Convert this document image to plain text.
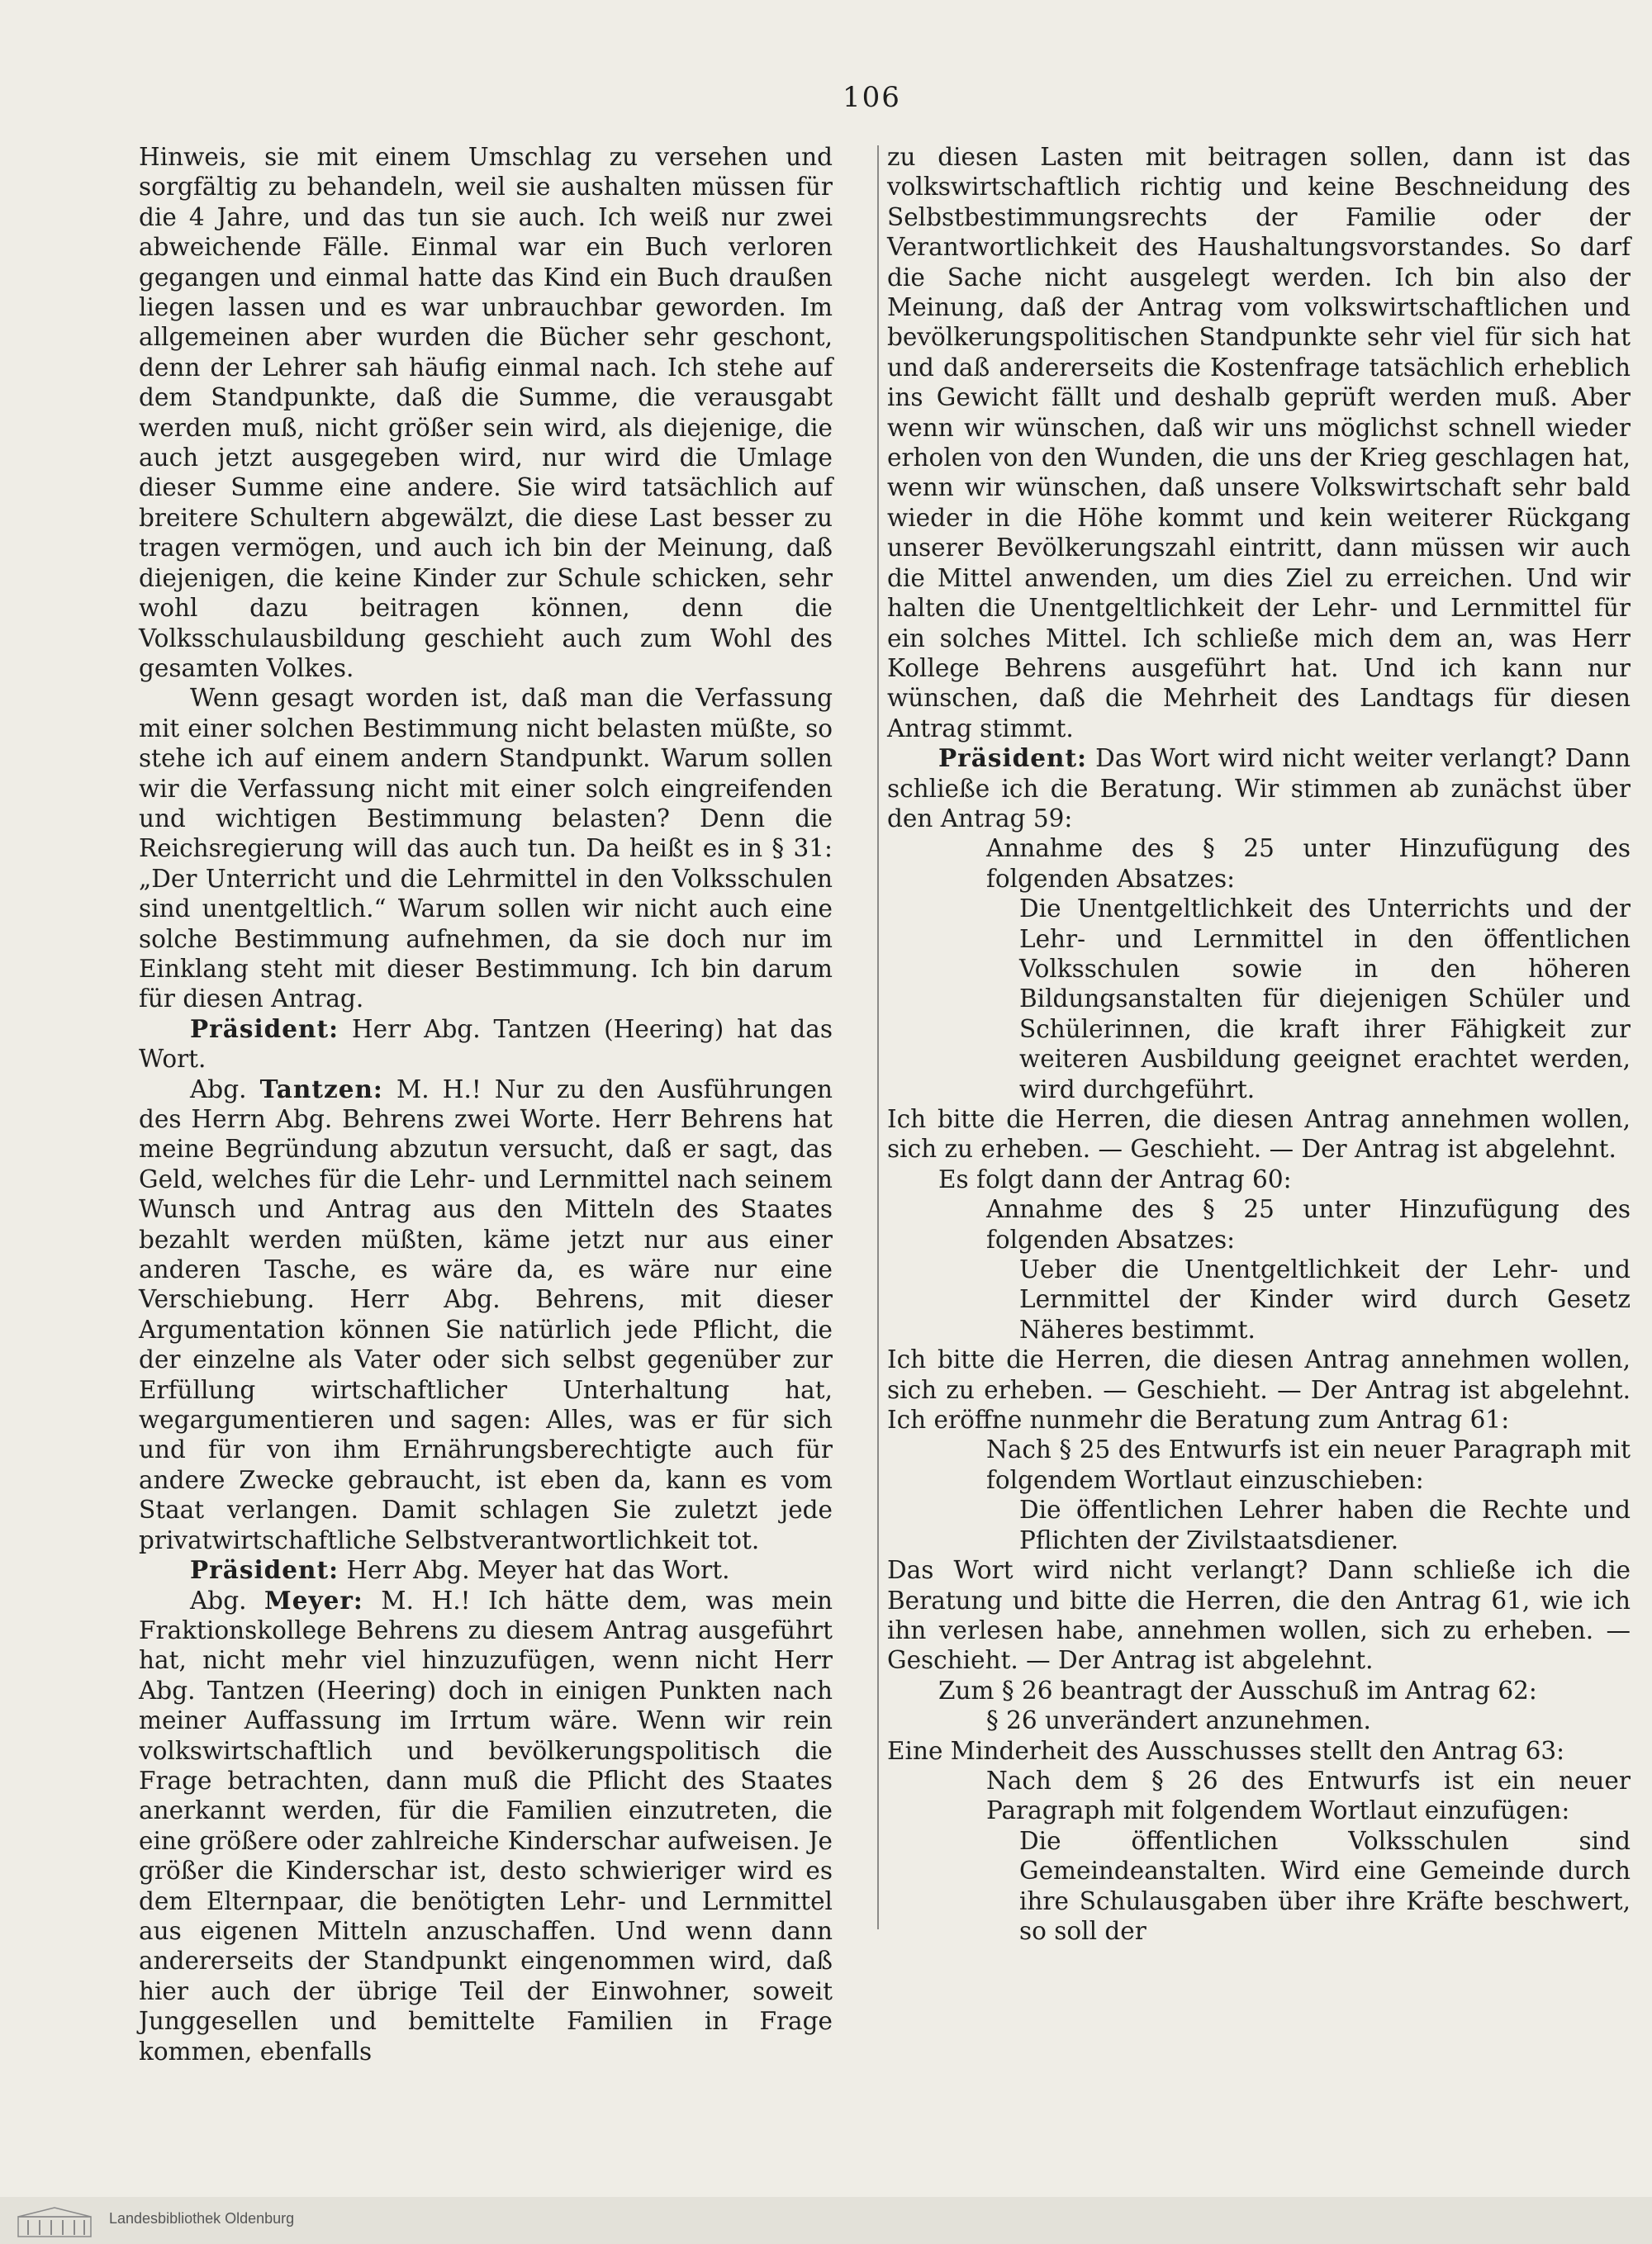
106

Hinweis, sie mit einem Umschlag zu versehen und sorgfältig zu behandeln, weil sie aushalten müssen für die 4 Jahre, und das tun sie auch. Ich weiß nur zwei abweichende Fälle. Einmal war ein Buch verloren gegangen und einmal hatte das Kind ein Buch draußen liegen lassen und es war unbrauchbar geworden. Im allgemeinen aber wurden die Bücher sehr geschont, denn der Lehrer sah häufig einmal nach. Ich stehe auf dem Standpunkte, daß die Summe, die verausgabt werden muß, nicht größer sein wird, als diejenige, die auch jetzt ausgegeben wird, nur wird die Umlage dieser Summe eine andere. Sie wird tatsächlich auf breitere Schultern abgewälzt, die diese Last besser zu tragen vermögen, und auch ich bin der Meinung, daß diejenigen, die keine Kinder zur Schule schicken, sehr wohl dazu beitragen können, denn die Volksschulausbildung geschieht auch zum Wohl des gesamten Volkes.

Wenn gesagt worden ist, daß man die Verfassung mit einer solchen Bestimmung nicht belasten müßte, so stehe ich auf einem andern Standpunkt. Warum sollen wir die Verfassung nicht mit einer solch eingreifenden und wichtigen Bestimmung belasten? Denn die Reichsregierung will das auch tun. Da heißt es in § 31: „Der Unterricht und die Lehrmittel in den Volksschulen sind unentgeltlich.“ Warum sollen wir nicht auch eine solche Bestimmung aufnehmen, da sie doch nur im Einklang steht mit dieser Bestimmung. Ich bin darum für diesen Antrag.

Präsident: Herr Abg. Tantzen (Heering) hat das Wort.

Abg. Tantzen: M. H.! Nur zu den Ausführungen des Herrn Abg. Behrens zwei Worte. Herr Behrens hat meine Begründung abzutun versucht, daß er sagt, das Geld, welches für die Lehr- und Lernmittel nach seinem Wunsch und Antrag aus den Mitteln des Staates bezahlt werden müßten, käme jetzt nur aus einer anderen Tasche, es wäre da, es wäre nur eine Verschiebung. Herr Abg. Behrens, mit dieser Argumentation können Sie natürlich jede Pflicht, die der einzelne als Vater oder sich selbst gegenüber zur Erfüllung wirtschaftlicher Unterhaltung hat, wegargumentieren und sagen: Alles, was er für sich und für von ihm Ernährungsberechtigte auch für andere Zwecke gebraucht, ist eben da, kann es vom Staat verlangen. Damit schlagen Sie zuletzt jede privatwirtschaftliche Selbstverantwortlichkeit tot.

Präsident: Herr Abg. Meyer hat das Wort.

Abg. Meyer: M. H.! Ich hätte dem, was mein Fraktionskollege Behrens zu diesem Antrag ausgeführt hat, nicht mehr viel hinzuzufügen, wenn nicht Herr Abg. Tantzen (Heering) doch in einigen Punkten nach meiner Auffassung im Irrtum wäre. Wenn wir rein volkswirtschaftlich und bevölkerungspolitisch die Frage betrachten, dann muß die Pflicht des Staates anerkannt werden, für die Familien einzutreten, die eine größere oder zahlreiche Kinderschar aufweisen. Je größer die Kinderschar ist, desto schwieriger wird es dem Elternpaar, die benötigten Lehr- und Lernmittel aus eigenen Mitteln anzuschaffen. Und wenn dann andererseits der Standpunkt eingenommen wird, daß hier auch der übrige Teil der Einwohner, soweit Junggesellen und bemittelte Familien in Frage kommen, ebenfalls

zu diesen Lasten mit beitragen sollen, dann ist das volkswirtschaftlich richtig und keine Beschneidung des Selbstbestimmungsrechts der Familie oder der Verantwortlichkeit des Haushaltungsvorstandes. So darf die Sache nicht ausgelegt werden. Ich bin also der Meinung, daß der Antrag vom volkswirtschaftlichen und bevölkerungspolitischen Standpunkte sehr viel für sich hat und daß andererseits die Kostenfrage tatsächlich erheblich ins Gewicht fällt und deshalb geprüft werden muß. Aber wenn wir wünschen, daß wir uns möglichst schnell wieder erholen von den Wunden, die uns der Krieg geschlagen hat, wenn wir wünschen, daß unsere Volkswirtschaft sehr bald wieder in die Höhe kommt und kein weiterer Rückgang unserer Bevölkerungszahl eintritt, dann müssen wir auch die Mittel anwenden, um dies Ziel zu erreichen. Und wir halten die Unentgeltlichkeit der Lehr- und Lernmittel für ein solches Mittel. Ich schließe mich dem an, was Herr Kollege Behrens ausgeführt hat. Und ich kann nur wünschen, daß die Mehrheit des Landtags für diesen Antrag stimmt.

Präsident: Das Wort wird nicht weiter verlangt? Dann schließe ich die Beratung. Wir stimmen ab zunächst über den Antrag 59:

Annahme des § 25 unter Hinzufügung des folgenden Absatzes:

Die Unentgeltlichkeit des Unterrichts und der Lehr- und Lernmittel in den öffentlichen Volksschulen sowie in den höheren Bildungsanstalten für diejenigen Schüler und Schülerinnen, die kraft ihrer Fähigkeit zur weiteren Ausbildung geeignet erachtet werden, wird durchgeführt.

Ich bitte die Herren, die diesen Antrag annehmen wollen, sich zu erheben. — Geschieht. — Der Antrag ist abgelehnt.

Es folgt dann der Antrag 60:

Annahme des § 25 unter Hinzufügung des folgenden Absatzes:

Ueber die Unentgeltlichkeit der Lehr- und Lernmittel der Kinder wird durch Gesetz Näheres bestimmt.

Ich bitte die Herren, die diesen Antrag annehmen wollen, sich zu erheben. — Geschieht. — Der Antrag ist abgelehnt. Ich eröffne nunmehr die Beratung zum Antrag 61:

Nach § 25 des Entwurfs ist ein neuer Paragraph mit folgendem Wortlaut einzuschieben:

Die öffentlichen Lehrer haben die Rechte und Pflichten der Zivilstaatsdiener.

Das Wort wird nicht verlangt? Dann schließe ich die Beratung und bitte die Herren, die den Antrag 61, wie ich ihn verlesen habe, annehmen wollen, sich zu erheben. — Geschieht. — Der Antrag ist abgelehnt.

Zum § 26 beantragt der Ausschuß im Antrag 62:

§ 26 unverändert anzunehmen.

Eine Minderheit des Ausschusses stellt den Antrag 63:

Nach dem § 26 des Entwurfs ist ein neuer Paragraph mit folgendem Wortlaut einzufügen:

Die öffentlichen Volksschulen sind Gemeindeanstalten. Wird eine Gemeinde durch ihre Schulausgaben über ihre Kräfte beschwert, so soll der

Landesbibliothek Oldenburg
